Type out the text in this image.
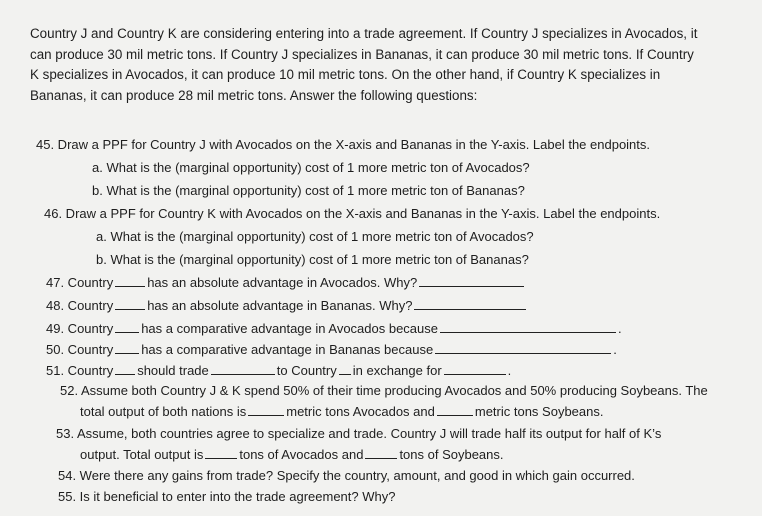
Country J and Country K are considering entering into a trade agreement. If Country J specializes in Avocados, it
can produce 30 mil metric tons. If Country J specializes in Bananas, it can produce 30 mil metric tons. If Country
K specializes in Avocados, it can produce 10 mil metric tons. On the other hand, if Country K specializes in
Bananas, it can produce 28 mil metric tons. Answer the following questions:
45. Draw a PPF for Country J with Avocados on the X-axis and Bananas in the Y-axis. Label the endpoints.
a. What is the (marginal opportunity) cost of 1 more metric ton of Avocados?
b. What is the (marginal opportunity) cost of 1 more metric ton of Bananas?
46. Draw a PPF for Country K with Avocados on the X-axis and Bananas in the Y-axis. Label the endpoints.
a. What is the (marginal opportunity) cost of 1 more metric ton of Avocados?
b. What is the (marginal opportunity) cost of 1 more metric ton of Bananas?
47. Country	has an absolute advantage in Avocados. Why?
48. Country	has an absolute advantage in Bananas. Why?
49. Country has a comparative advantage in Avocados because	.
50. Country has a comparative advantage in Bananas because	.
51. Country should trade	to Country in exchange for	.
52. Assume both Country J & K spend 50% of their time producing Avocados and 50% producing Soybeans. The
total output of both nations is	metric tons Avocados and	metric tons Soybeans.
53. Assume, both countries agree to specialize and trade. Country J will trade half its output for half of K’s
output. Total output is	tons of Avocados and	tons of Soybeans.
54. Were there any gains from trade? Specify the country, amount, and good in which gain occurred.
55. Is it beneficial to enter into the trade agreement? Why?
